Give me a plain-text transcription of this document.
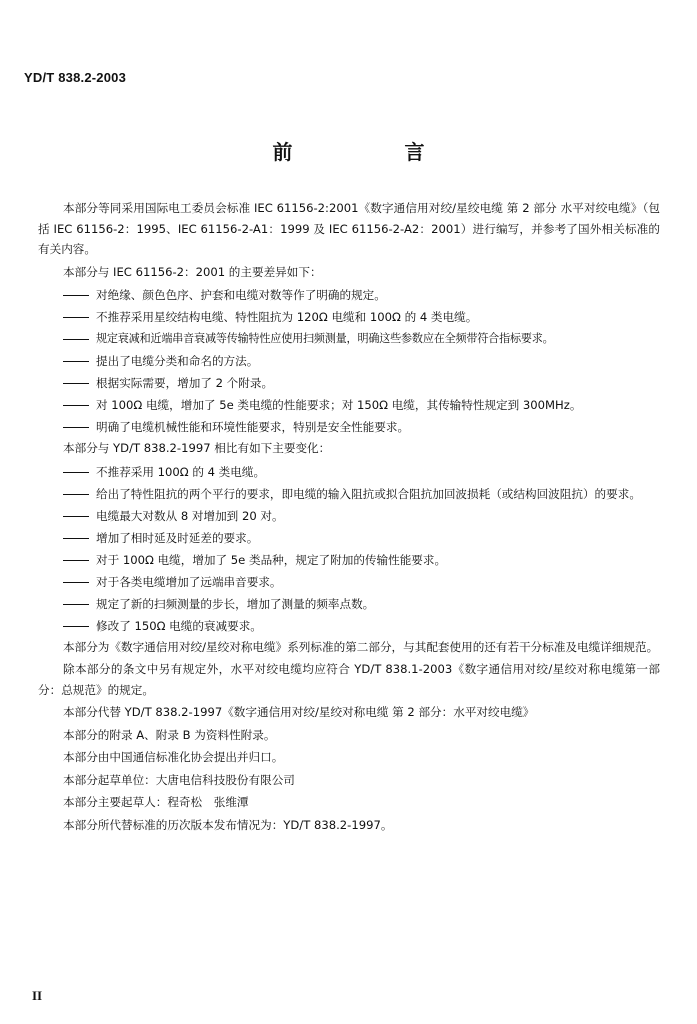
YD/T 838.2-2003
前　言

本部分等同采用国际电工委员会标准 IEC 61156-2:2001《数字通信用对绞/星绞电缆 第 2 部分 水平对绞电缆》（包括 IEC 61156-2：1995、IEC 61156-2-A1：1999 及 IEC 61156-2-A2：2001）进行编写，并参考了国外相关标准的有关内容。

本部分与 IEC 61156-2：2001 的主要差异如下：

对绝缘、颜色色序、护套和电缆对数等作了明确的规定。
不推荐采用星绞结构电缆、特性阻抗为 120Ω 电缆和 100Ω 的 4 类电缆。
规定衰减和近端串音衰减等传输特性应使用扫频测量，明确这些参数应在全频带符合指标要求。
提出了电缆分类和命名的方法。
根据实际需要，增加了 2 个附录。
对 100Ω 电缆，增加了 5e 类电缆的性能要求；对 150Ω 电缆，其传输特性规定到 300MHz。
明确了电缆机械性能和环境性能要求，特别是安全性能要求。

本部分与 YD/T 838.2-1997 相比有如下主要变化：

不推荐采用 100Ω 的 4 类电缆。
给出了特性阻抗的两个平行的要求，即电缆的输入阻抗或拟合阻抗加回波损耗（或结构回波阻抗）的要求。
电缆最大对数从 8 对增加到 20 对。
增加了相时延及时延差的要求。
对于 100Ω 电缆，增加了 5e 类品种，规定了附加的传输性能要求。
对于各类电缆增加了远端串音要求。
规定了新的扫频测量的步长，增加了测量的频率点数。
修改了 150Ω 电缆的衰减要求。

本部分为《数字通信用对绞/星绞对称电缆》系列标准的第二部分，与其配套使用的还有若干分标准及电缆详细规范。

除本部分的条文中另有规定外，水平对绞电缆均应符合 YD/T 838.1-2003《数字通信用对绞/星绞对称电缆第一部分：总规范》的规定。

本部分代替 YD/T 838.2-1997《数字通信用对绞/星绞对称电缆 第 2 部分：水平对绞电缆》

本部分的附录 A、附录 B 为资料性附录。

本部分由中国通信标准化协会提出并归口。

本部分起草单位：大唐电信科技股份有限公司

本部分主要起草人：程奇松　张维潭

本部分所代替标准的历次版本发布情况为：YD/T 838.2-1997。

II
